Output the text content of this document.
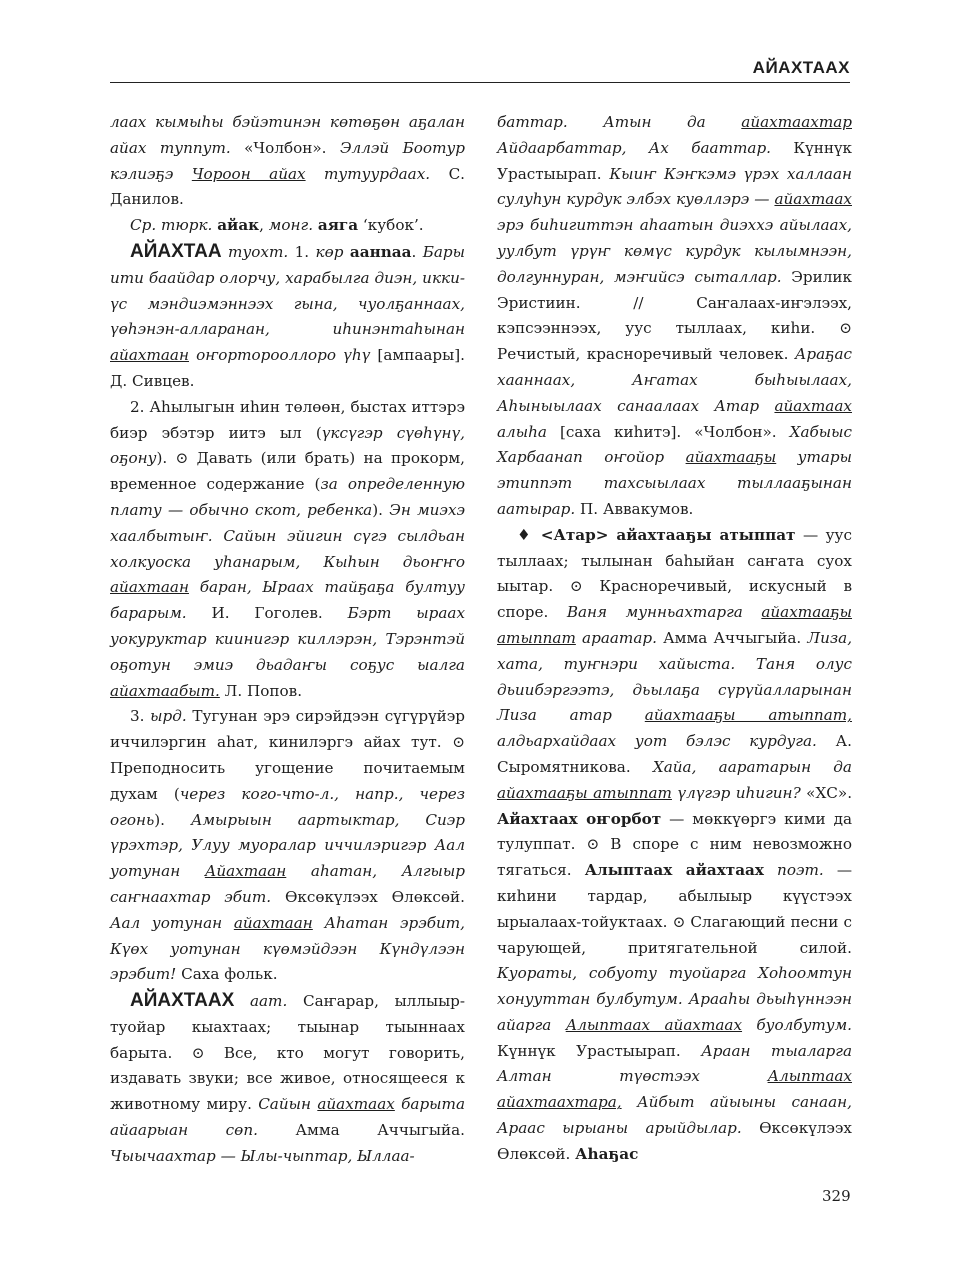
АЙАХТААХ

лаах кымыһы бэйэтинэн көтөҕөн аҕалан айах туппут. «Чолбон». Эллэй Боотур кэлиэҕэ Чороон айах тутуурдаах. С. Данилов.

Ср. тюрк. айак, монг. аяга ‘кубок’.

АЙАХТАА туохт. 1. көр аанnаа. Бары ити баайдар олорчу, харабылга диэн, икки-үс мэндиэмэннээх гына, чуолҕаннаах, үөһэнэн-алларанан, иһинэнтаһынан айахтаан оҥорторооллоро үһү [ампаары]. Д. Сивцев.

2. Аһылыгын иһин төлөөн, быстах иттэрэ биэр эбэтэр иитэ ыл (үксүгэр сүөһүнү, оҕону). ⊙ Давать (или брать) на прокорм, временное содержание (за определенную плату — обычно скот, ребенка). Эн миэхэ хаалбытыҥ. Сайын эйигин сүгэ сылдьан холкуоска уһанарым, Кыһын дьоҥҥо айахтаан баран, Ыраах тайҕаҕа бултуу барарым. И. Гоголев. Бэрт ыраах уокуруктар киинигэр киллэрэн, Тэрэнтэй оҕотун эмиэ дьадаҥы соҕус ыалга айахтаабыт. Л. Попов.

3. ырд. Тугунан эрэ сирэйдээн сүгүрүйэр иччилэргин аһат, кинилэргэ айах тут. ⊙ Преподносить угощение почитаемым духам (через кого-что-л., напр., через огонь). Амырыын аартыктар, Сиэр үрэхтэр, Улуу муоралар иччилэригэр Аал уотунан Айахтаан аһатан, Алгыыр саҥнаахтар эбит. Өксөкүлээх Өлөксөй. Аал уотунан айахтаан Аһатан эрэбит, Күөх уотунан күөмэйдээн Күндүлээн эрэбит! Саха фольк.

АЙАХТААХ аат. Саҥарар, ыллыыр-туойар кыахтаах; тыынар тыыннаах барыта. ⊙ Все, кто могут говорить, издавать звуки; все живое, относящееся к животному миру. Сайын айахтаах барыта айаарыан сөп. Амма Аччыгыйа. Чыычаахтар — Ылы-чыптар, Ыллаа-

баттар. Атын да айахтаахтар Айдаарбаттар, Ах бааттар. Күннүк Урастыырап. Кыиҥ Кэҥкэмэ үрэх халлаан сулуһун курдук элбэх куөллэрэ — айахтаах эрэ биһигиттэн аһаатын диэххэ айылаах, уулбут үрүҥ көмүс курдук кылымнээн, долгуннуран, мэҥийсэ сыталлар. Эрилик Эристиин.	// Саҥалаах-иҥэлээх, кэпсээннээх, уус тыллаах, киһи. ⊙ Речистый, красноречивый человек. Араҕас хааннаах, Аҥатах быһыылаах, Аһыныылаах санаалаах Атар айахтаах алыһа [саха киһитэ]. «Чолбон». Хабыыс Харбаанап оҥойор айахтааҕы утары этиппэт тахсыылаах тыллааҕынан аатырар. П. Аввакумов.

♦ <Атар> айахтааҕы атыппат — уус тыллаах; тылынан баһыйан саҥата суох ыытар. ⊙ Красноречивый, искусный в споре. Ваня мунньахтарга айахтааҕы атыппат араатар. Амма Аччыгыйа. Лиза, хата, туҥнэри хайыста. Таня олус дьиибэргээтэ, дьылаҕа сүрүйалларынан Лиза атар айахтааҕы атыппат, алдьархайдаах уот бэлэс курдуга. А. Сыромятникова. Хайа, ааратарын да айахтааҕы атыппат үлүгэр иһигин? «ХС». Айахтаах оҥорбот — мөккүөргэ кими да тулуппат. ⊙ В споре с ним невозможно тягаться. Алыптаах айахтаах поэт. — киһини тардар, абылыыр күүстээх ырыалаах-тойуктаах. ⊙ Слагающий песни с чарующей, притягательной силой. Куораты, собуоту туойарга Хоһоомmун хонууттан булбутум. Арааһы дьыһүннээн айарга Алыптаах айахтаах буолбутум. Күннүк Урастыырап. Араан тыаларга Алтан түөстээх	Алыптаах айахтаахтара, Айбыт айыыны санаан, Араас ырыаны арыйдылар. Өксөкүлээх Өлөксөй. Аһаҕас

329
